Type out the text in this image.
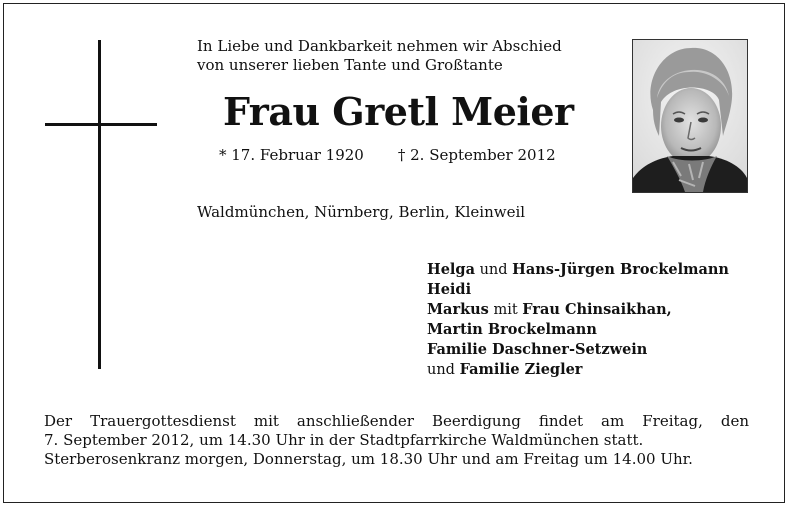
In Liebe und Dankbarkeit nehmen wir Abschied
von unserer lieben Tante und Großtante
Frau Gretl Meier
* 17. Februar 1920 † 2. September 2012
Waldmünchen, Nürnberg, Berlin, Kleinweil
Helga und Hans-Jürgen Brockelmann
Heidi
Markus mit Frau Chinsaikhan,
Martin Brockelmann
Familie Daschner-Setzwein
und Familie Ziegler
Der Trauergottesdienst mit anschließender Beerdigung findet am Freitag, den
7. September 2012, um 14.30 Uhr in der Stadtpfarrkirche Waldmünchen statt.
Sterberosenkranz morgen, Donnerstag, um 18.30 Uhr und am Freitag um 14.00 Uhr.
